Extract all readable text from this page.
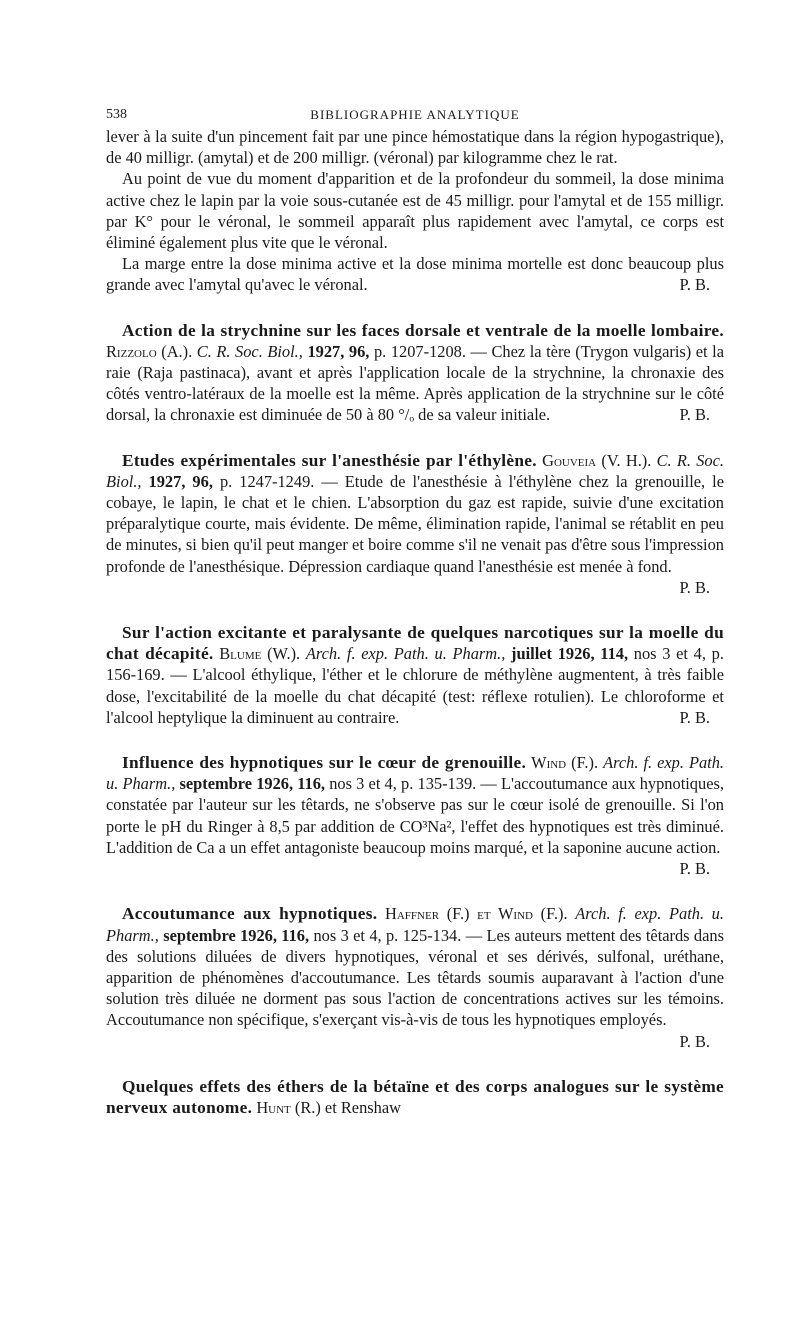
538	BIBLIOGRAPHIE ANALYTIQUE

lever à la suite d'un pincement fait par une pince hémostatique dans la région hypogastrique), de 40 milligr. (amytal) et de 200 milligr. (véronal) par kilogramme chez le rat.

Au point de vue du moment d'apparition et de la profondeur du sommeil, la dose minima active chez le lapin par la voie sous-cutanée est de 45 milligr. pour l'amytal et de 155 milligr. par K° pour le véronal, le sommeil apparaît plus rapidement avec l'amytal, ce corps est éliminé également plus vite que le véronal.

La marge entre la dose minima active et la dose minima mortelle est donc beaucoup plus grande avec l'amytal qu'avec le véronal.	P. B.

Action de la strychnine sur les faces dorsale et ventrale de la moelle lombaire. Rizzolo (A.). C. R. Soc. Biol., 1927, 96, p. 1207-1208. — Chez la tère (Trygon vulgaris) et la raie (Raja pastinaca), avant et après l'application locale de la strychnine, la chronaxie des côtés ventro-latéraux de la moelle est la même. Après application de la strychnine sur le côté dorsal, la chronaxie est diminuée de 50 à 80 °/ₒ de sa valeur initiale.	P. B.

Etudes expérimentales sur l'anesthésie par l'éthylène. Gouveia (V. H.). C. R. Soc. Biol., 1927, 96, p. 1247-1249. — Etude de l'anesthésie à l'éthylène chez la grenouille, le cobaye, le lapin, le chat et le chien. L'absorption du gaz est rapide, suivie d'une excitation préparalytique courte, mais évidente. De même, élimination rapide, l'animal se rétablit en peu de minutes, si bien qu'il peut manger et boire comme s'il ne venait pas d'être sous l'impression profonde de l'anesthésique. Dépression cardiaque quand l'anesthésie est menée à fond.
P. B.

Sur l'action excitante et paralysante de quelques narcotiques sur la moelle du chat décapité. Blume (W.). Arch. f. exp. Path. u. Pharm., juillet 1926, 114, nos 3 et 4, p. 156-169. — L'alcool éthylique, l'éther et le chlorure de méthylène augmentent, à très faible dose, l'excitabilité de la moelle du chat décapité (test: réflexe rotulien). Le chloroforme et l'alcool heptylique la diminuent au contraire.	P. B.

Influence des hypnotiques sur le cœur de grenouille. Wind (F.). Arch. f. exp. Path. u. Pharm., septembre 1926, 116, nos 3 et 4, p. 135-139. — L'accoutumance aux hypnotiques, constatée par l'auteur sur les têtards, ne s'observe pas sur le cœur isolé de grenouille. Si l'on porte le pH du Ringer à 8,5 par addition de CO³Na², l'effet des hypnotiques est très diminué. L'addition de Ca a un effet antagoniste beaucoup moins marqué, et la saponine aucune action.
P. B.

Accoutumance aux hypnotiques. Haffner (F.) et Wind (F.). Arch. f. exp. Path. u. Pharm., septembre 1926, 116, nos 3 et 4, p. 125-134. — Les auteurs mettent des têtards dans des solutions diluées de divers hypnotiques, véronal et ses dérivés, sulfonal, uréthane, apparition de phénomènes d'accoutumance. Les têtards soumis auparavant à l'action d'une solution très diluée ne dorment pas sous l'action de concentrations actives sur les témoins. Accoutumance non spécifique, s'exerçant vis-à-vis de tous les hypnotiques employés.
P. B.

Quelques effets des éthers de la bétaïne et des corps analogues sur le système nerveux autonome. Hunt (R.) et Renshaw
